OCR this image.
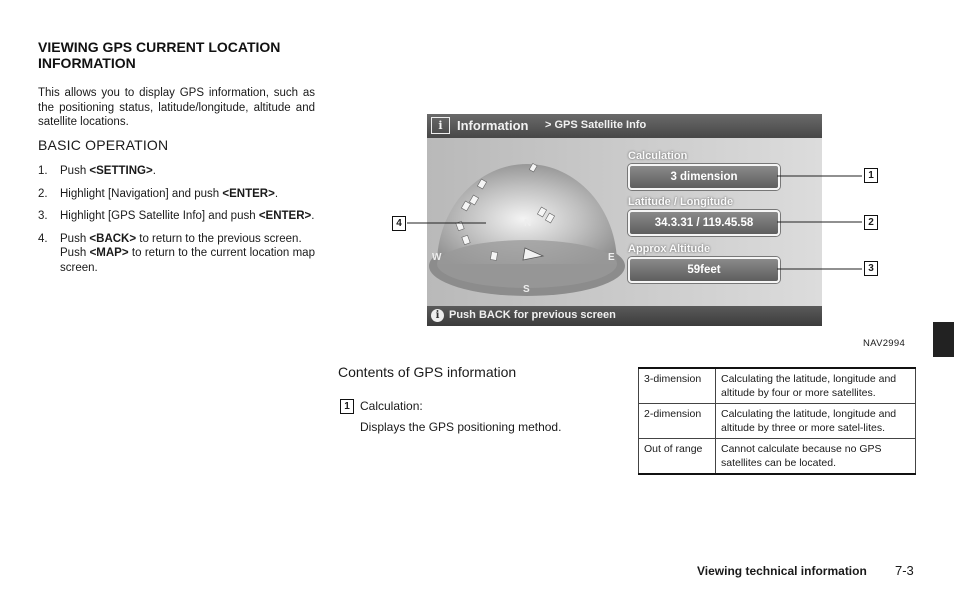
VIEWING GPS CURRENT LOCATION
INFORMATION
This allows you to display GPS information, such as the positioning status, latitude/longitude, altitude and satellite locations.
BASIC OPERATION
1. Push <SETTING>.
2. Highlight [Navigation] and push <ENTER>.
3. Highlight [GPS Satellite Info] and push <ENTER>.
4. Push <BACK> to return to the previous screen.
Push <MAP> to return to the current location map screen.
i	Information > GPS Satellite Info
N
S
W	E
Calculation
3 dimension
Latitude / Longitude
34.3.31 / 119.45.58
Approx Altitude
59feet
i Push BACK for previous screen
1
2
3
4
NAV2994
Contents of GPS information
1 Calculation:
Displays the GPS positioning method.
3-dimension	Calculating the latitude, longitude and altitude by four or more satellites.
2-dimension	Calculating the latitude, longitude and altitude by three or more satel-lites.
Out of range	Cannot calculate because no GPS satellites can be located.
Viewing technical information 7-3
